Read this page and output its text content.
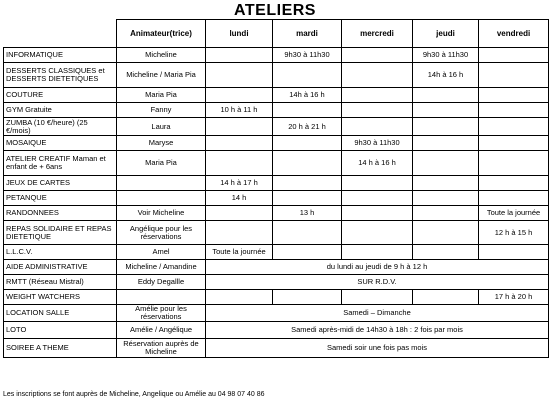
ATELIERS
	Animateur(trice)	lundi	mardi	mercredi	jeudi	vendredi
INFORMATIQUE	Micheline		9h30 à 11h30		9h30 à 11h30	
DESSERTS CLASSIQUES et DESSERTS DIETETIQUES	Micheline / Maria Pia				14h à 16 h	
COUTURE	Maria Pia		14h à 16 h			
GYM Gratuite	Fanny	10 h à 11 h				
ZUMBA (10 €/heure) (25 €/mois)	Laura		20 h à 21 h			
MOSAIQUE	Maryse			9h30 à 11h30		
ATELIER CREATIF Maman et enfant de + 6ans	Maria Pia			14 h à 16 h		
JEUX DE CARTES		14 h à 17 h				
PETANQUE		14 h				
RANDONNEES	Voir Micheline		13 h			Toute la journée
REPAS SOLIDAIRE ET REPAS DIETETIQUE	Angélique pour les réservations					12 h à 15 h
L.L.C.V.	Amel	Toute la journée				
AIDE ADMINISTRATIVE	Micheline / Amandine	du lundi au jeudi de 9 h à 12 h				
RMTT (Réseau Mistral)	Eddy Degallle	SUR R.D.V.				
WEIGHT WATCHERS						17 h à 20 h
LOCATION SALLE	Amélie pour les réservations	Samedi – Dimanche				
LOTO	Amélie / Angélique	Samedi après-midi de 14h30 à 18h : 2 fois par mois				
SOIREE A THEME	Réservation auprès de Micheline	Samedi soir une fois pas mois				
Les inscriptions se font auprès de Micheline, Angelique ou Amélie au 04 98 07 40 86
